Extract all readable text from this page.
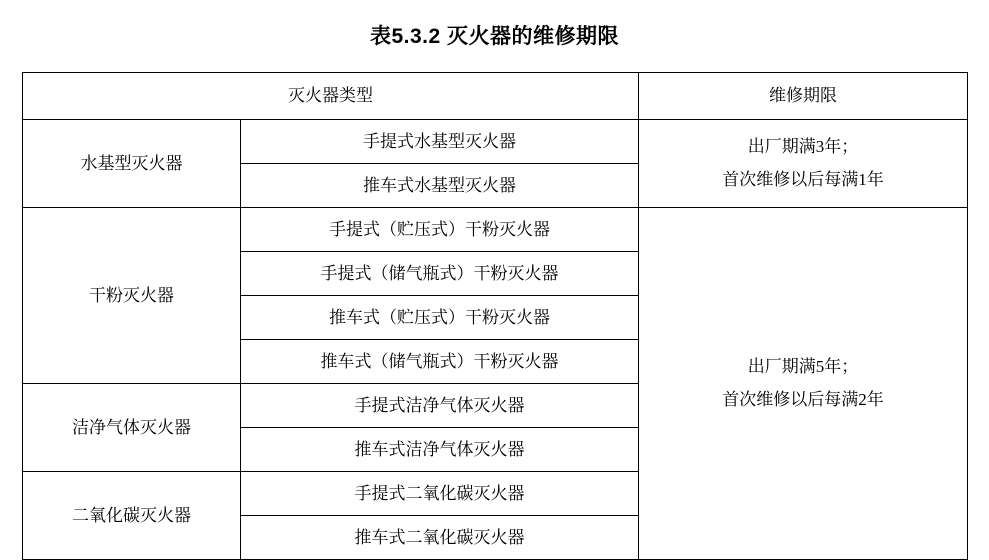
表5.3.2 灭火器的维修期限
灭火器类型		维修期限
水基型灭火器	手提式水基型灭火器	出厂期满3年；
首次维修以后每满1年

	推车式水基型灭火器	
干粉灭火器	手提式（贮压式）干粉灭火器	出厂期满5年；
首次维修以后每满2年

	手提式（储气瓶式）干粉灭火器	
	推车式（贮压式）干粉灭火器	
	推车式（储气瓶式）干粉灭火器	
洁净气体灭火器	手提式洁净气体灭火器	
	推车式洁净气体灭火器	
二氧化碳灭火器	手提式二氧化碳灭火器	
	推车式二氧化碳灭火器	
